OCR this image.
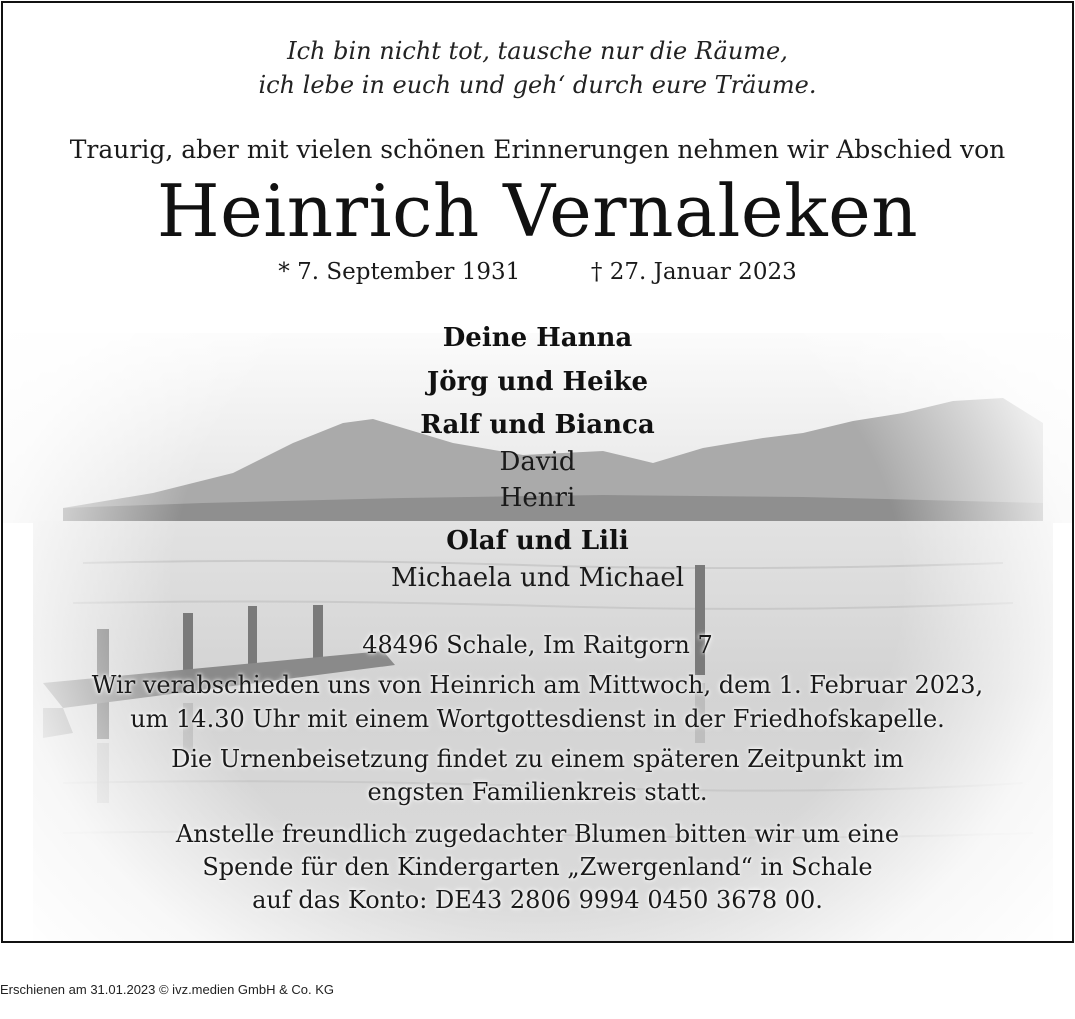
Ich bin nicht tot, tausche nur die Räume,
ich lebe in euch und geh‘ durch eure Träume.
Traurig, aber mit vielen schönen Erinnerungen nehmen wir Abschied von
Heinrich Vernaleken
* 7. September 1931	† 27. Januar 2023
Deine Hanna
Jörg und Heike
Ralf und Bianca
David
Henri
Olaf und Lili
Michaela und Michael
48496 Schale, Im Raitgorn 7
Wir verabschieden uns von Heinrich am Mittwoch, dem 1. Februar 2023,
um 14.30 Uhr mit einem Wortgottesdienst in der Friedhofskapelle.
Die Urnenbeisetzung findet zu einem späteren Zeitpunkt im
engsten Familienkreis statt.
Anstelle freundlich zugedachter Blumen bitten wir um eine
Spende für den Kindergarten „Zwergenland“ in Schale
auf das Konto: DE43 2806 9994 0450 3678 00.
Erschienen am 31.01.2023 © ivz.medien GmbH & Co. KG
